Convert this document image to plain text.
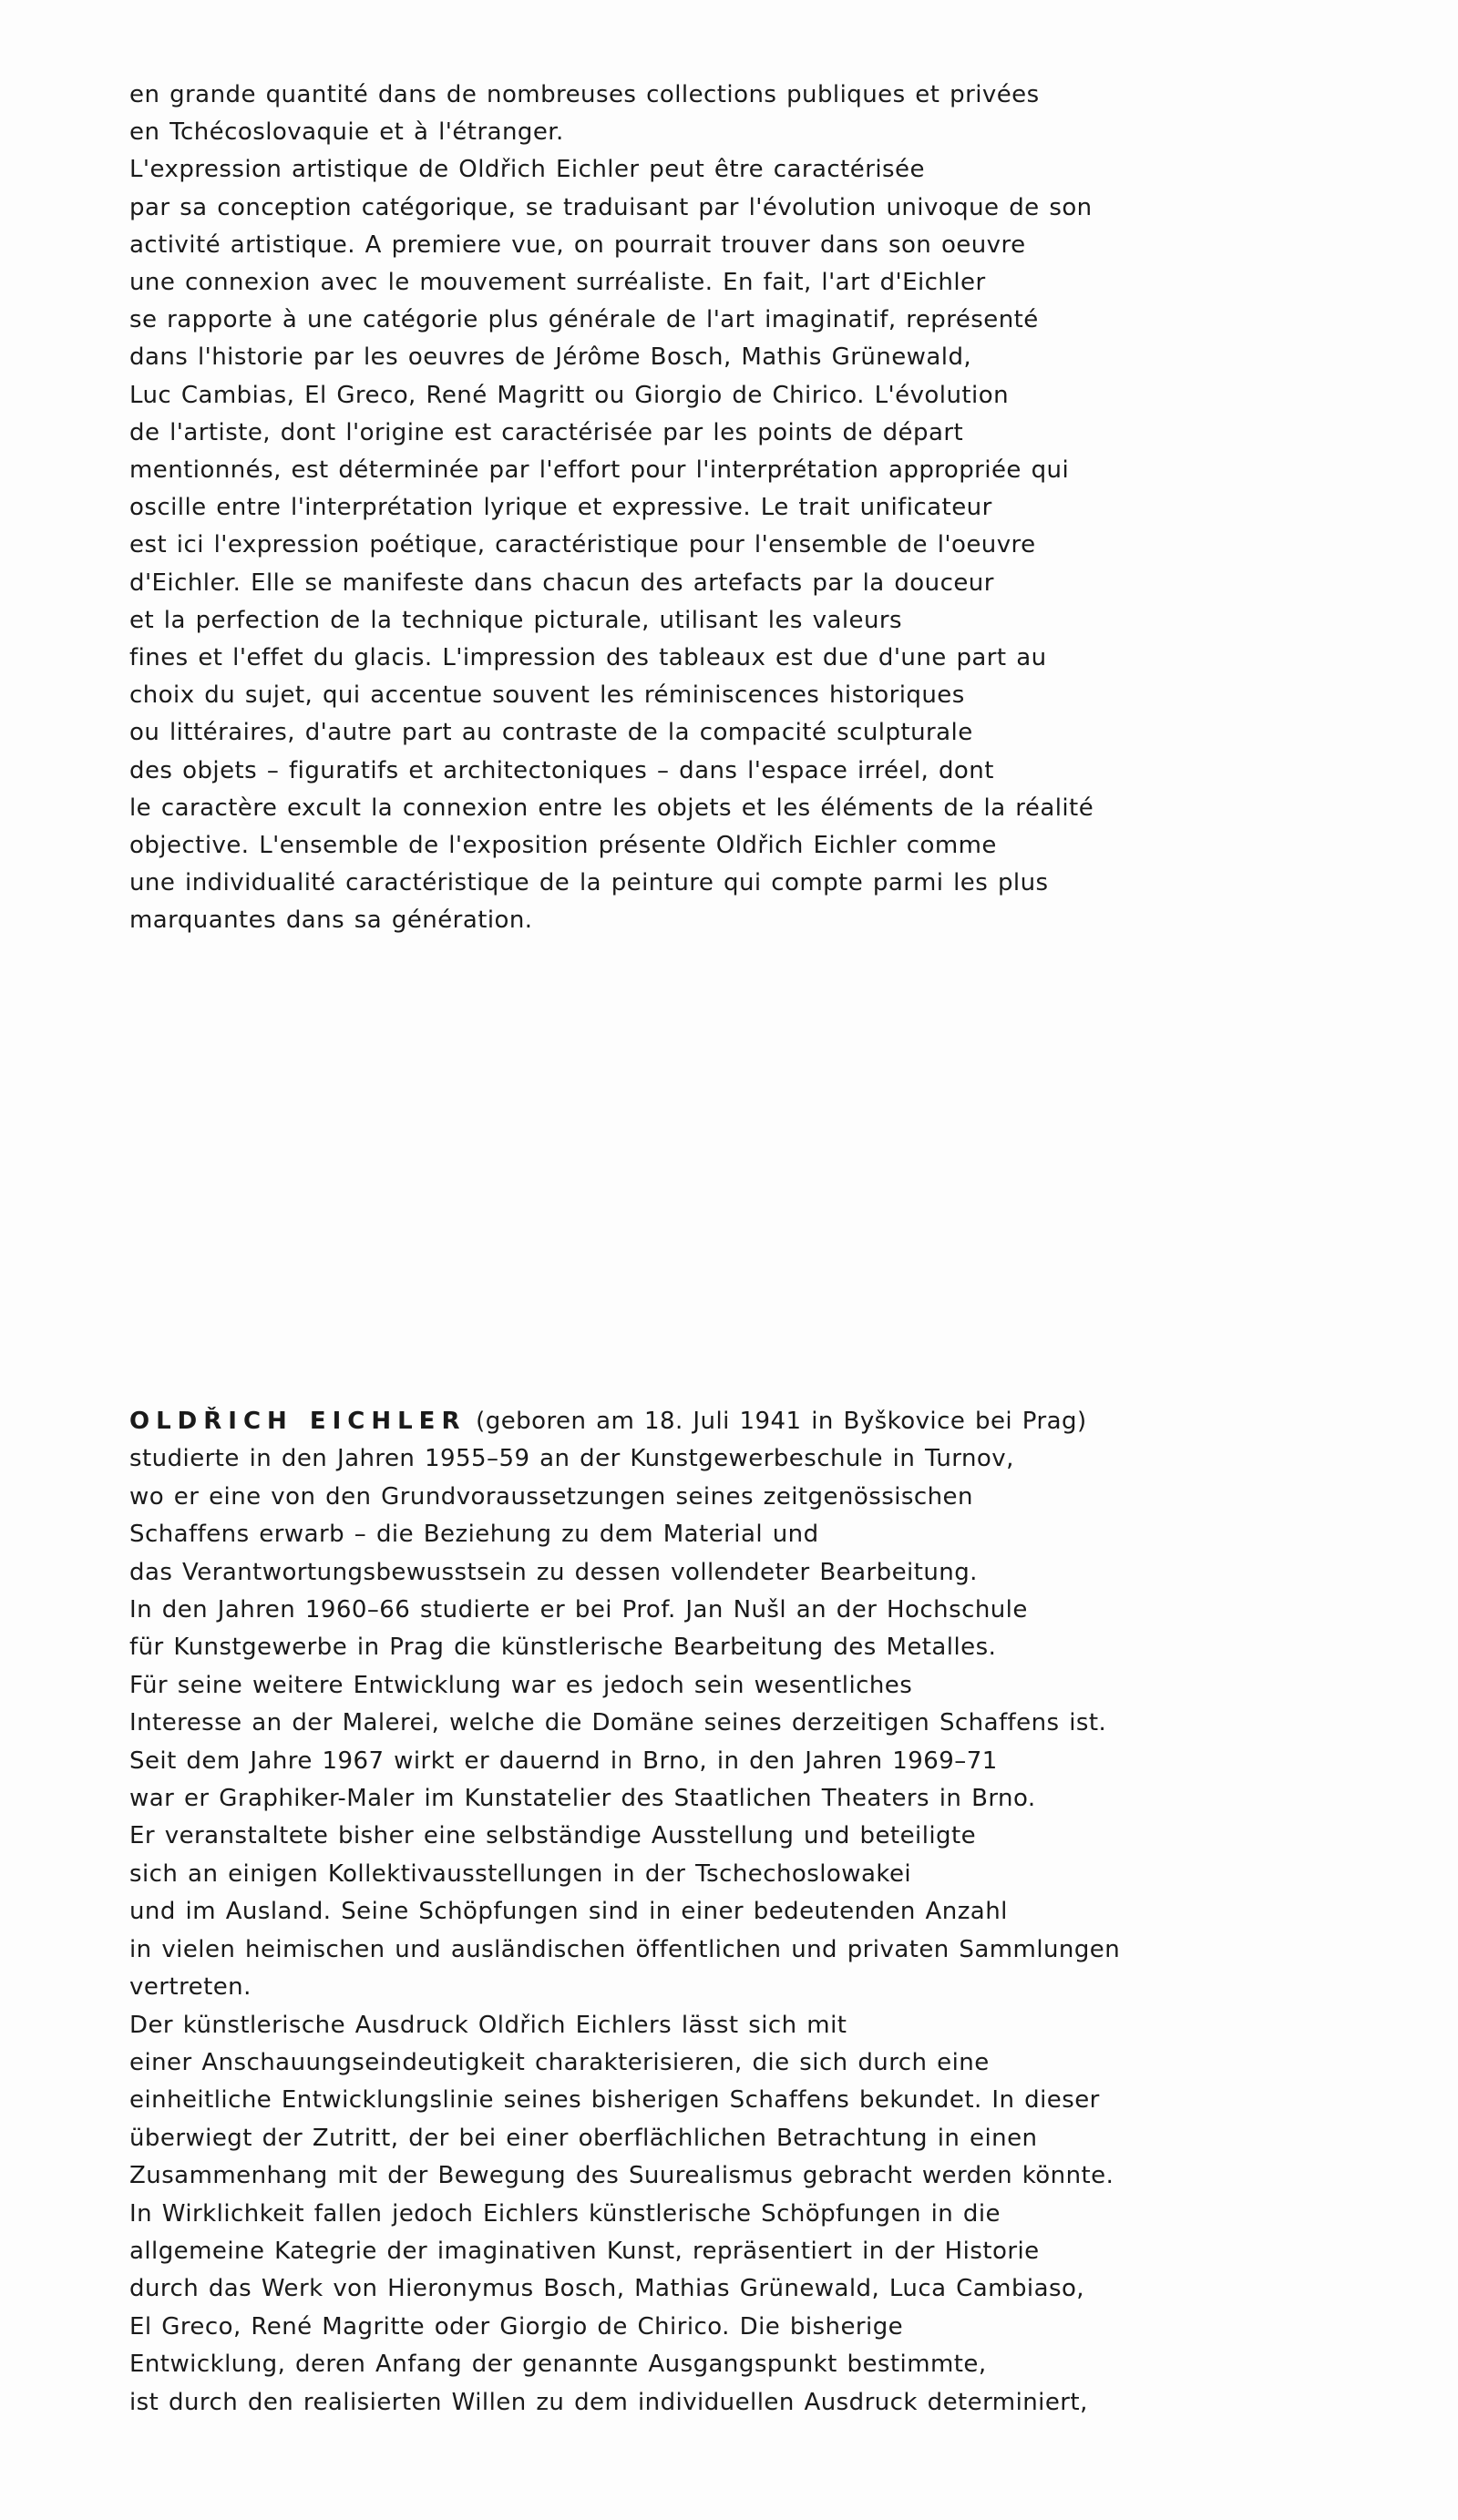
en grande quantité dans de nombreuses collections publiques et privées
en Tchécoslovaquie et à l'étranger.
L'expression artistique de Oldřich Eichler peut être caractérisée
par sa conception catégorique, se traduisant par l'évolution univoque de son
activité artistique. A premiere vue, on pourrait trouver dans son oeuvre
une connexion avec le mouvement surréaliste. En fait, l'art d'Eichler
se rapporte à une catégorie plus générale de l'art imaginatif, représenté
dans l'historie par les oeuvres de Jérôme Bosch, Mathis Grünewald,
Luc Cambias, El Greco, René Magritt ou Giorgio de Chirico. L'évolution
de l'artiste, dont l'origine est caractérisée par les points de départ
mentionnés, est déterminée par l'effort pour l'interprétation appropriée qui
oscille entre l'interprétation lyrique et expressive. Le trait unificateur
est ici l'expression poétique, caractéristique pour l'ensemble de l'oeuvre
d'Eichler. Elle se manifeste dans chacun des artefacts par la douceur
et la perfection de la technique picturale, utilisant les valeurs
fines et l'effet du glacis. L'impression des tableaux est due d'une part au
choix du sujet, qui accentue souvent les réminiscences historiques
ou littéraires, d'autre part au contraste de la compacité sculpturale
des objets – figuratifs et architectoniques – dans l'espace irréel, dont
le caractère excult la connexion entre les objets et les éléments de la réalité
objective. L'ensemble de l'exposition présente Oldřich Eichler comme
une individualité caractéristique de la peinture qui compte parmi les plus
marquantes dans sa génération.
OLDŘICH EICHLER (geboren am 18. Juli 1941 in Byškovice bei Prag)
studierte in den Jahren 1955–59 an der Kunstgewerbeschule in Turnov,
wo er eine von den Grundvoraussetzungen seines zeitgenössischen
Schaffens erwarb – die Beziehung zu dem Material und
das Verantwortungsbewusstsein zu dessen vollendeter Bearbeitung.
In den Jahren 1960–66 studierte er bei Prof. Jan Nušl an der Hochschule
für Kunstgewerbe in Prag die künstlerische Bearbeitung des Metalles.
Für seine weitere Entwicklung war es jedoch sein wesentliches
Interesse an der Malerei, welche die Domäne seines derzeitigen Schaffens ist.
Seit dem Jahre 1967 wirkt er dauernd in Brno, in den Jahren 1969–71
war er Graphiker-Maler im Kunstatelier des Staatlichen Theaters in Brno.
Er veranstaltete bisher eine selbständige Ausstellung und beteiligte
sich an einigen Kollektivausstellungen in der Tschechoslowakei
und im Ausland. Seine Schöpfungen sind in einer bedeutenden Anzahl
in vielen heimischen und ausländischen öffentlichen und privaten Sammlungen
vertreten.
Der künstlerische Ausdruck Oldřich Eichlers lässt sich mit
einer Anschauungseindeutigkeit charakterisieren, die sich durch eine
einheitliche Entwicklungslinie seines bisherigen Schaffens bekundet. In dieser
überwiegt der Zutritt, der bei einer oberflächlichen Betrachtung in einen
Zusammenhang mit der Bewegung des Suurealismus gebracht werden könnte.
In Wirklichkeit fallen jedoch Eichlers künstlerische Schöpfungen in die
allgemeine Kategrie der imaginativen Kunst, repräsentiert in der Historie
durch das Werk von Hieronymus Bosch, Mathias Grünewald, Luca Cambiaso,
El Greco, René Magritte oder Giorgio de Chirico. Die bisherige
Entwicklung, deren Anfang der genannte Ausgangspunkt bestimmte,
ist durch den realisierten Willen zu dem individuellen Ausdruck determiniert,
